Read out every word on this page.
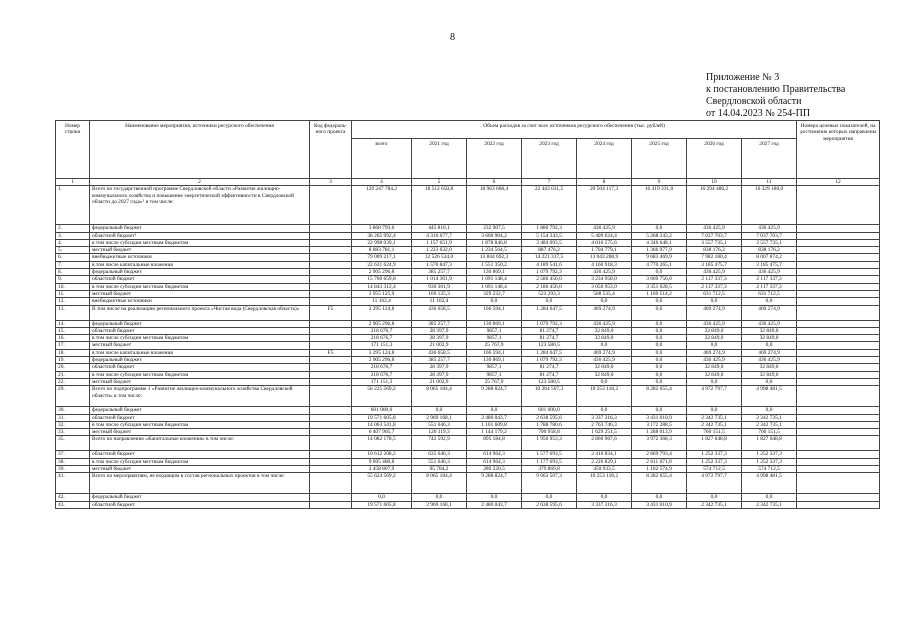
8
Приложение № 3
к постановлению Правительства
Свердловской области
от 14.04.2023 № 254-ПП
Номер строки	Наименование мероприятия, источники ресурсного обеспечения	Код федераль-ного проекта	Объем расходов за счет всех источников ресурсного обеспечения (тыс. рублей)								Номера целевых показателей, на достижение которых направлены мероприятия
			всего	2021 год	2022 год	2023 год	2024 год	2025 год	2026 год	2027 год	
1	2	3	4	5	6	7	8	9	10	11	12
1.	Всего по государственной программе Свердловской области «Развитие жилищно-коммунального хозяйства и повышение энергетической эффективности в Свердловской области до 2027 года»¹ в том числе:		129 247 784,2	18 512 650,8	18 963 668,4	22 443 631,5	20 504 117,3	16 419 331,0	16 294 486,2	16 329 180,0	
2.	федеральный бюджет		3 868 793,6	445 816,1	232 907,5	1 880 792,3	436 425,9	0,0	436 425,9	436 425,9	
3.	областной бюджет¹		38 265 992,4	4 316 677,7	3 660 904,2	5 154 343,5	5 409 624,4	5 268 343,2	7 037 703,7	7 037 703,7	
4.	в том числе субсидии местным бюджетам		22 998 039,1	1 157 651,9	1 878 846,8	3 484 093,5	4 016 575,6	4 346 648,1	3 557 735,1	3 557 735,1	
5.	местный бюджет		8 083 781,1	1 223 632,0	1 234 564,5	887 476,2	1 704 779,1	1 366 977,9	838 176,2	838 176,2	
6.	внебюджетные источники		79 009 217,1	12 526 534,0	13 844 692,3	14 221 317,5	13 043 288,9	9 683 469,9	7 982 180,4	8 007 874,2	
7.	в том числе капитальные вложения		22 631 624,9	1 570 847,3	1 551 350,2	4 189 541,6	4 160 918,3	4 770 265,1	3 185 475,7	3 185 475,7	
8.	федеральный бюджет		2 905 296,8	385 257,7	130 869,1	1 079 792,3	436 425,9	0,0	436 425,9	436 425,9	
9.	областной бюджет		15 760 659,8	1 014 301,9	1 091 148,4	2 586 456,0	3 234 958,0	3 609 756,0	2 117 337,3	2 117 337,3	
10.	в том числе субсидии местным бюджетам		14 843 312,4	930 301,9	1 091 148,4	2 186 456,0	3 050 953,0	3 351 028,5	2 117 337,3	2 117 337,3	
11.	местный бюджет		3 955 125,9	169 125,3	329 232,7	523 293,3	508 535,4	1 160 514,2	631 712,5	631 712,5	
12.	внебюджетные источники		11 162,4	11 162,4	0,0	0,0	0,0	0,0	0,0	0,0	
13.	В том числе на реализацию регионального проекта «Чистая вода (Свердловская область)»	F5	3 295 124,8	436 658,5	166 594,1	1 284 647,5	469 274,9	0,0	469 274,9	469 274,9	
14.	федеральный бюджет		2 905 296,8	385 257,7	130 869,1	1 079 792,3	436 425,9	0,0	436 425,9	436 425,9	
15.	областной бюджет		218 676,7	28 397,9	9857,1	81 274,7	32 849,0	0,0	32 849,0	32 849,0	
16.	в том числе субсидии местным бюджетам		218 676,7	28 397,9	9857,1	81 274,7	32 849,0	0,0	32 849,0	32 849,0	
17.	местный бюджет		171 151,3	21 002,9	25 767,9	123 580,5	0,0	0,0	0,0	0,0	
18.	в том числе капитальные вложения	F5	3 295 124,8	436 658,5	166 594,1	1 284 647,5	469 274,9	0,0	469 274,9	469 274,9	
19.	федеральный бюджет		2 905 296,8	385 257,7	130 869,1	1 079 792,3	436 425,9	0,0	436 425,9	436 425,9	
20.	областной бюджет		218 676,7	28 397,9	9857,1	81 274,7	32 849,0	0,0	32 849,0	32 849,0	
21.	в том числе субсидии местным бюджетам		218 676,7	28 397,9	9857,1	81 274,7	32 849,0	0,0	32 849,0	32 849,0	
22.	местный бюджет		171 151,3	21 002,9	25 767,9	123 580,5	0,0	0,0	0,0	0,0	
29.	Всего по подпрограмме 1 «Развитие жилищно-коммунального хозяйства Свердловской области» в том числе:		56 225 569,2	8 065 184,4	9 288 824,7	10 264 507,3	10 253 118,2	8 282 655,4	4 972 797,7	4 998 481,5	
30.	федеральный бюджет		601 000,0	0,0	0,0	601 000,0	0,0	0,0	0,0	0,0	
31.	областной бюджет		19 571 605,8	2 969 168,1	2 480 043,7	2 638 595,6	3 337 316,3	3 431 010,9	2 342 735,1	2 342 735,1	
32.	в том числе субсидии местным бюджетам		14 063 541,8	551 646,3	1 161 609,8	1 788 780,6	2 763 746,3	3 172 288,5	2 342 735,1	2 342 735,1	
33.	местный бюджет		6 407 905,7	126 119,3	1 144 179,2	700 958,8	1 629 251,5	1 288 013,9	760 151,5	760 151,5	
35.	Всего по направлению «Капитальные вложения» в том числе:		14 082 178,5	742 592,9	895 184,8	1 956 953,3	2 860 967,6	3 972 368,3	1 827 048,8	1 827 048,8	
37.	областной бюджет		10 612 208,2	635 646,3	614 964,3	1 577 693,5	2 410 834,1	2 869 793,4	1 252 337,3	1 252 337,3	
38.	в том числе субсидии местным бюджетам		9 695 480,8	551 646,3	614 964,3	1 177 693,5	2 226 829,1	2 611 071,0	1 252 337,3	1 252 337,3	
39.	местный бюджет		3 458 807,9	95 784,2	280 220,5	379 869,8	450 933,5	1 102 574,9	574 712,5	574 712,5	
41.	Всего по мероприятиям, не входящим в состав региональных проектов в том числе:		55 624 569,2	8 065 184,4	9 288 824,7	9 663 507,3	10 253 118,2	8 282 655,4	4 972 797,7	4 998 481,5	
42.	федеральный бюджет		0,0	0,0	0,0	0,0	0,0	0,0	0,0	0,0	
43.	областной бюджет		19 571 605,8	2 969 168,1	2 480 043,7	2 638 595,6	3 337 316,3	3 431 010,9	2 342 735,1	2 342 735,1	
